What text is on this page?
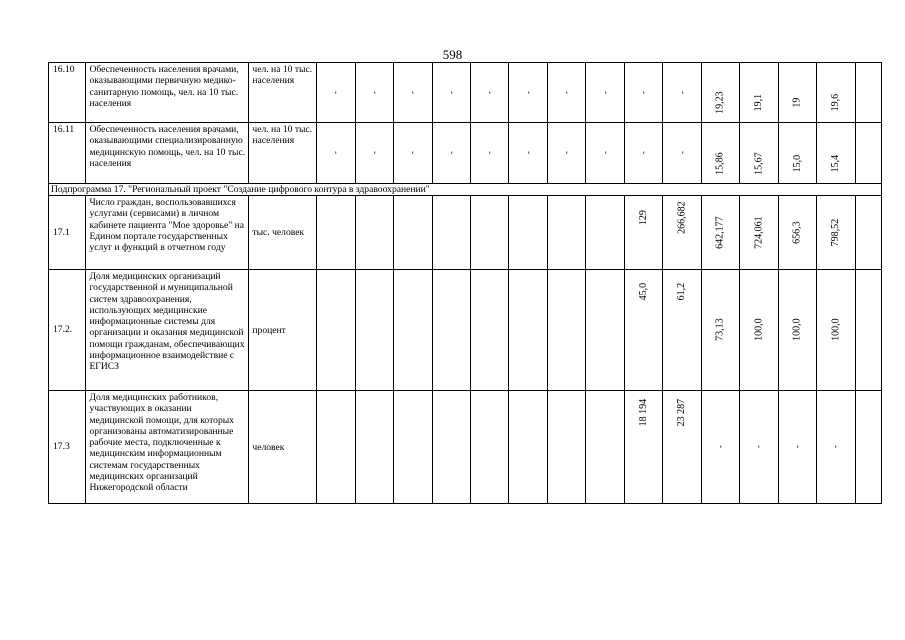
598
16.10	Обеспеченность населения врачами, оказывающими первичную медико-санитарную помощь, чел. на 10 тыс. населения	чел. на 10 тыс. населения	-	-	-	-	-	-	-	-	-	-	19,23	19,1	19	19,6	
16.11	Обеспеченность населения врачами, оказывающими специализированную медицинскую помощь, чел. на 10 тыс. населения	чел. на 10 тыс. населения	-	-	-	-	-	-	-	-	-	-	15,86	15,67	15,0	15,4	
Подпрограмма 17. "Региональный проект "Создание цифрового контура в здравоохранении"																	
17.1	Число граждан, воспользовавшихся услугами (сервисами) в личном кабинете пациента "Мое здоровье" на Едином портале государственных услуг и функций в отчетном году	тыс. человек									129	266,682	642,177	724,061	656,3	798,52	
17.2.	Доля медицинских организаций государственной и муниципальной систем здравоохранения, использующих медицинские информационные системы для организации и оказания медицинской помощи гражданам, обеспечивающих информационное взаимодействие с ЕГИСЗ	процент									45,0	61,2	73,13	100,0	100,0	100,0	
17.3	Доля медицинских работников, участвующих в оказании медицинской помощи, для которых организованы автоматизированные рабочие места, подключенные к медицинским информационным системам государственных медицинских организаций Нижегородской области	человек									18 194	23 287	-	-	-	-	
